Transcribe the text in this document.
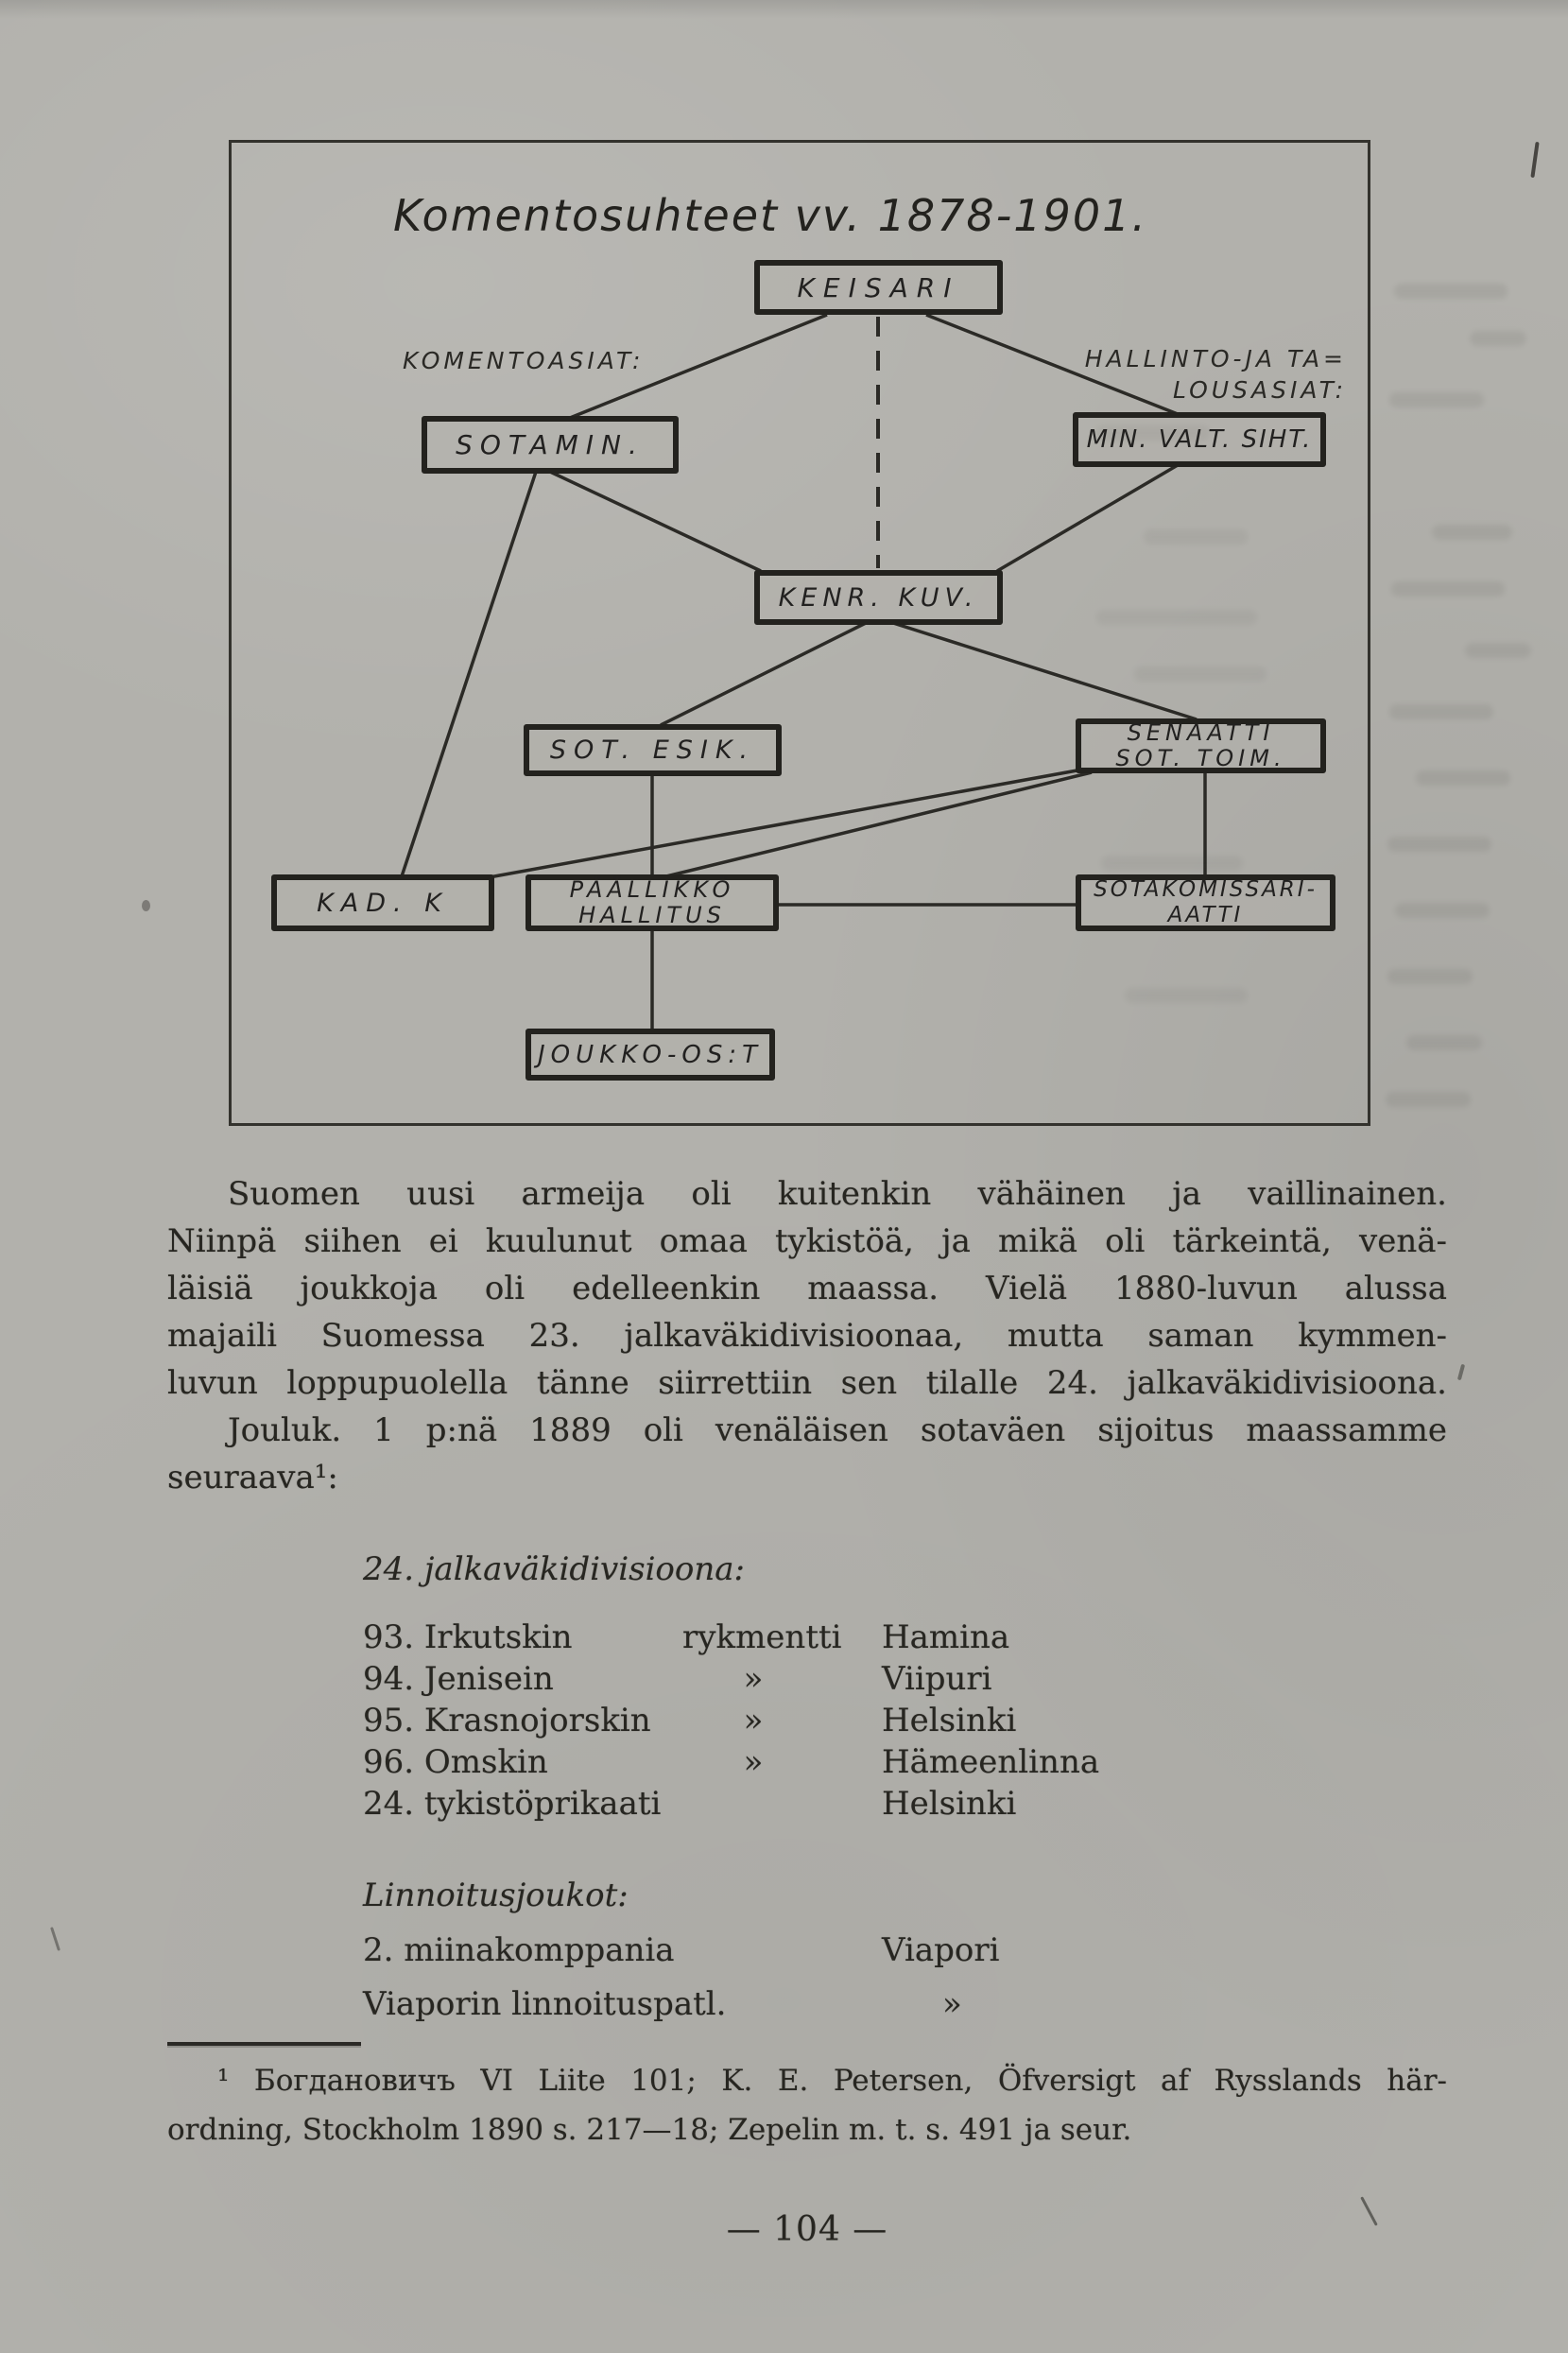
Komentosuhteet vv. 1878-1901.
KOMENTOASIAT:	HALLINTO-JA TA=
LOUSASIAT:
KEISARI
SOTAMIN.	MIN. VALT. SIHT.
KENR. KUV.
SOT. ESIK.
SENAATTI
SOT. TOIM.
KAD. K	PÄÄLLIKKÖ
HALLITUS
SOTAKOMISSARI-
AATTI
JOUKKO-OS:T
Suomen uusi armeija oli kuitenkin vähäinen ja vaillinainen.
Niinpä siihen ei kuulunut omaa tykistöä, ja mikä oli tärkeintä, venä-
läisiä joukkoja oli edelleenkin maassa. Vielä 1880-luvun alussa
majaili Suomessa 23. jalkaväkidivisioonaa, mutta saman kymmen-
luvun loppupuolella tänne siirrettiin sen tilalle 24. jalkaväkidivisioona.
Jouluk. 1 p:nä 1889 oli venäläisen sotaväen sijoitus maassamme
seuraava¹:
24. jalkaväkidivisioona:
93. Irkutskin	rykmentti Hamina
94. Jenisein	»	Viipuri
95. Krasnojorskin	»	Helsinki
96. Omskin	»	Hämeenlinna
24. tykistöprikaati	Helsinki
Linnoitusjoukot:
2. miinakomppania	Viapori
Viaporin linnoituspatl.	»
¹ Богдановичъ VI Liite 101; K. E. Petersen, Öfversigt af Rysslands här-
ordning, Stockholm 1890 s. 217—18; Zepelin m. t. s. 491 ja seur.
— 104 —
